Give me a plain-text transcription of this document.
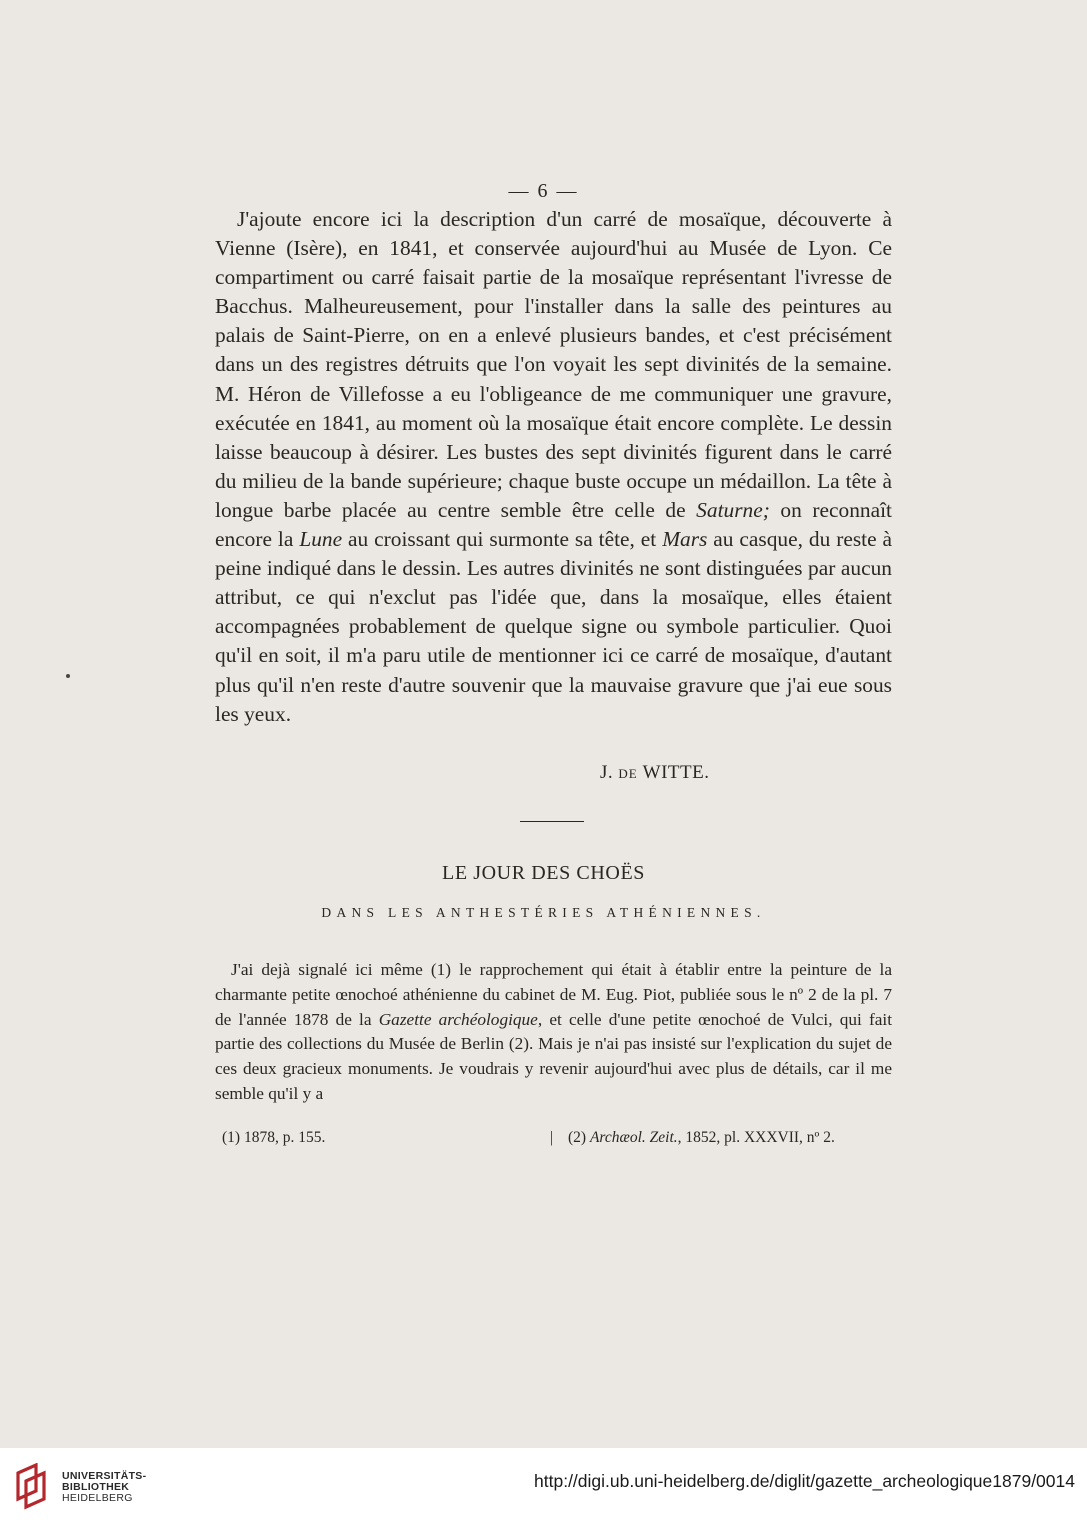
— 6 —

J'ajoute encore ici la description d'un carré de mosaïque, découverte à Vienne (Isère), en 1841, et conservée aujourd'hui au Musée de Lyon. Ce compartiment ou carré faisait partie de la mosaïque représentant l'ivresse de Bacchus. Malheureusement, pour l'installer dans la salle des peintures au palais de Saint-Pierre, on en a enlevé plusieurs bandes, et c'est précisément dans un des registres détruits que l'on voyait les sept divinités de la semaine. M. Héron de Villefosse a eu l'obligeance de me communiquer une gravure, exécutée en 1841, au moment où la mosaïque était encore complète. Le dessin laisse beaucoup à désirer. Les bustes des sept divinités figurent dans le carré du milieu de la bande supérieure; chaque buste occupe un médaillon. La tête à longue barbe placée au centre semble être celle de Saturne; on reconnaît encore la Lune au croissant qui surmonte sa tête, et Mars au casque, du reste à peine indiqué dans le dessin. Les autres divinités ne sont distinguées par aucun attribut, ce qui n'exclut pas l'idée que, dans la mosaïque, elles étaient accompagnées probablement de quelque signe ou symbole particulier. Quoi qu'il en soit, il m'a paru utile de mentionner ici ce carré de mosaïque, d'autant plus qu'il n'en reste d'autre souvenir que la mauvaise gravure que j'ai eue sous les yeux.

J. DE WITTE.
LE JOUR DES CHOËS
DANS LES ANTHESTÉRIES ATHÉNIENNES.

J'ai dejà signalé ici même (1) le rapprochement qui était à établir entre la peinture de la charmante petite œnochoé athénienne du cabinet de M. Eug. Piot, publiée sous le nº 2 de la pl. 7 de l'année 1878 de la Gazette archéologique, et celle d'une petite œnochoé de Vulci, qui fait partie des collections du Musée de Berlin (2). Mais je n'ai pas insisté sur l'explication du sujet de ces deux gracieux monuments. Je voudrais y revenir aujourd'hui avec plus de détails, car il me semble qu'il y a

(1) 1878, p. 155.	| (2) Archæol. Zeit., 1852, pl. XXXVII, nº 2.
UNIVERSITÄTS-
BIBLIOTHEK
HEIDELBERG
http://digi.ub.uni-heidelberg.de/diglit/gazette_archeologique1879/0014
